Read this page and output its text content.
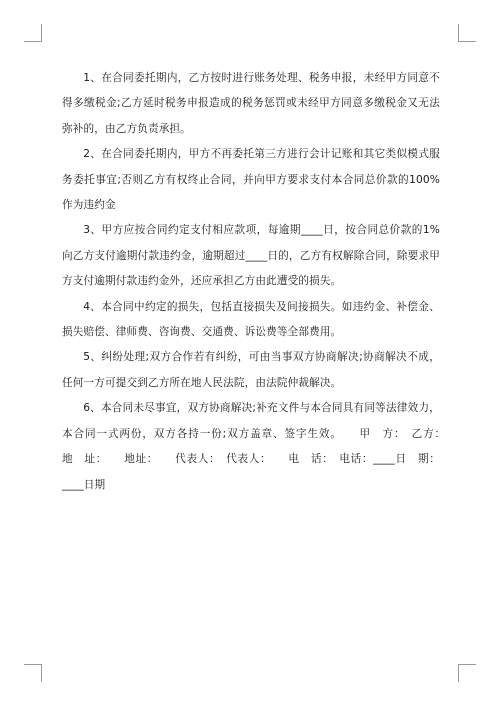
1、在合同委托期内，乙方按时进行账务处理、税务申报，未经甲方同意不得多缴税金;乙方延时税务申报造成的税务惩罚或未经甲方同意多缴税金又无法弥补的，由乙方负责承担。

2、在合同委托期内，甲方不再委托第三方进行会计记账和其它类似模式服务委托事宜;否则乙方有权终止合同，并向甲方要求支付本合同总价款的100%作为违约金

3、甲方应按合同约定支付相应款项，每逾期____日，按合同总价款的1%向乙方支付逾期付款违约金，逾期超过____日的，乙方有权解除合同，除要求甲方支付逾期付款违约金外，还应承担乙方由此遭受的损失。

4、本合同中约定的损失，包括直接损失及间接损失。如违约金、补偿金、损失赔偿、律师费、咨询费、交通费、诉讼费等全部费用。

5、纠纷处理;双方合作若有纠纷，可由当事双方协商解决;协商解决不成，任何一方可提交到乙方所在地人民法院，由法院仲裁解决。

6、本合同未尽事宜，双方协商解决;补充文件与本合同具有同等法律效力，本合同一式两份，双方各持一份;双方盖章、签字生效。　　甲　方：　乙方：　　地　址：　　地址：　　代表人：　代表人：　　电　话：　电话：____日　期：____日期
